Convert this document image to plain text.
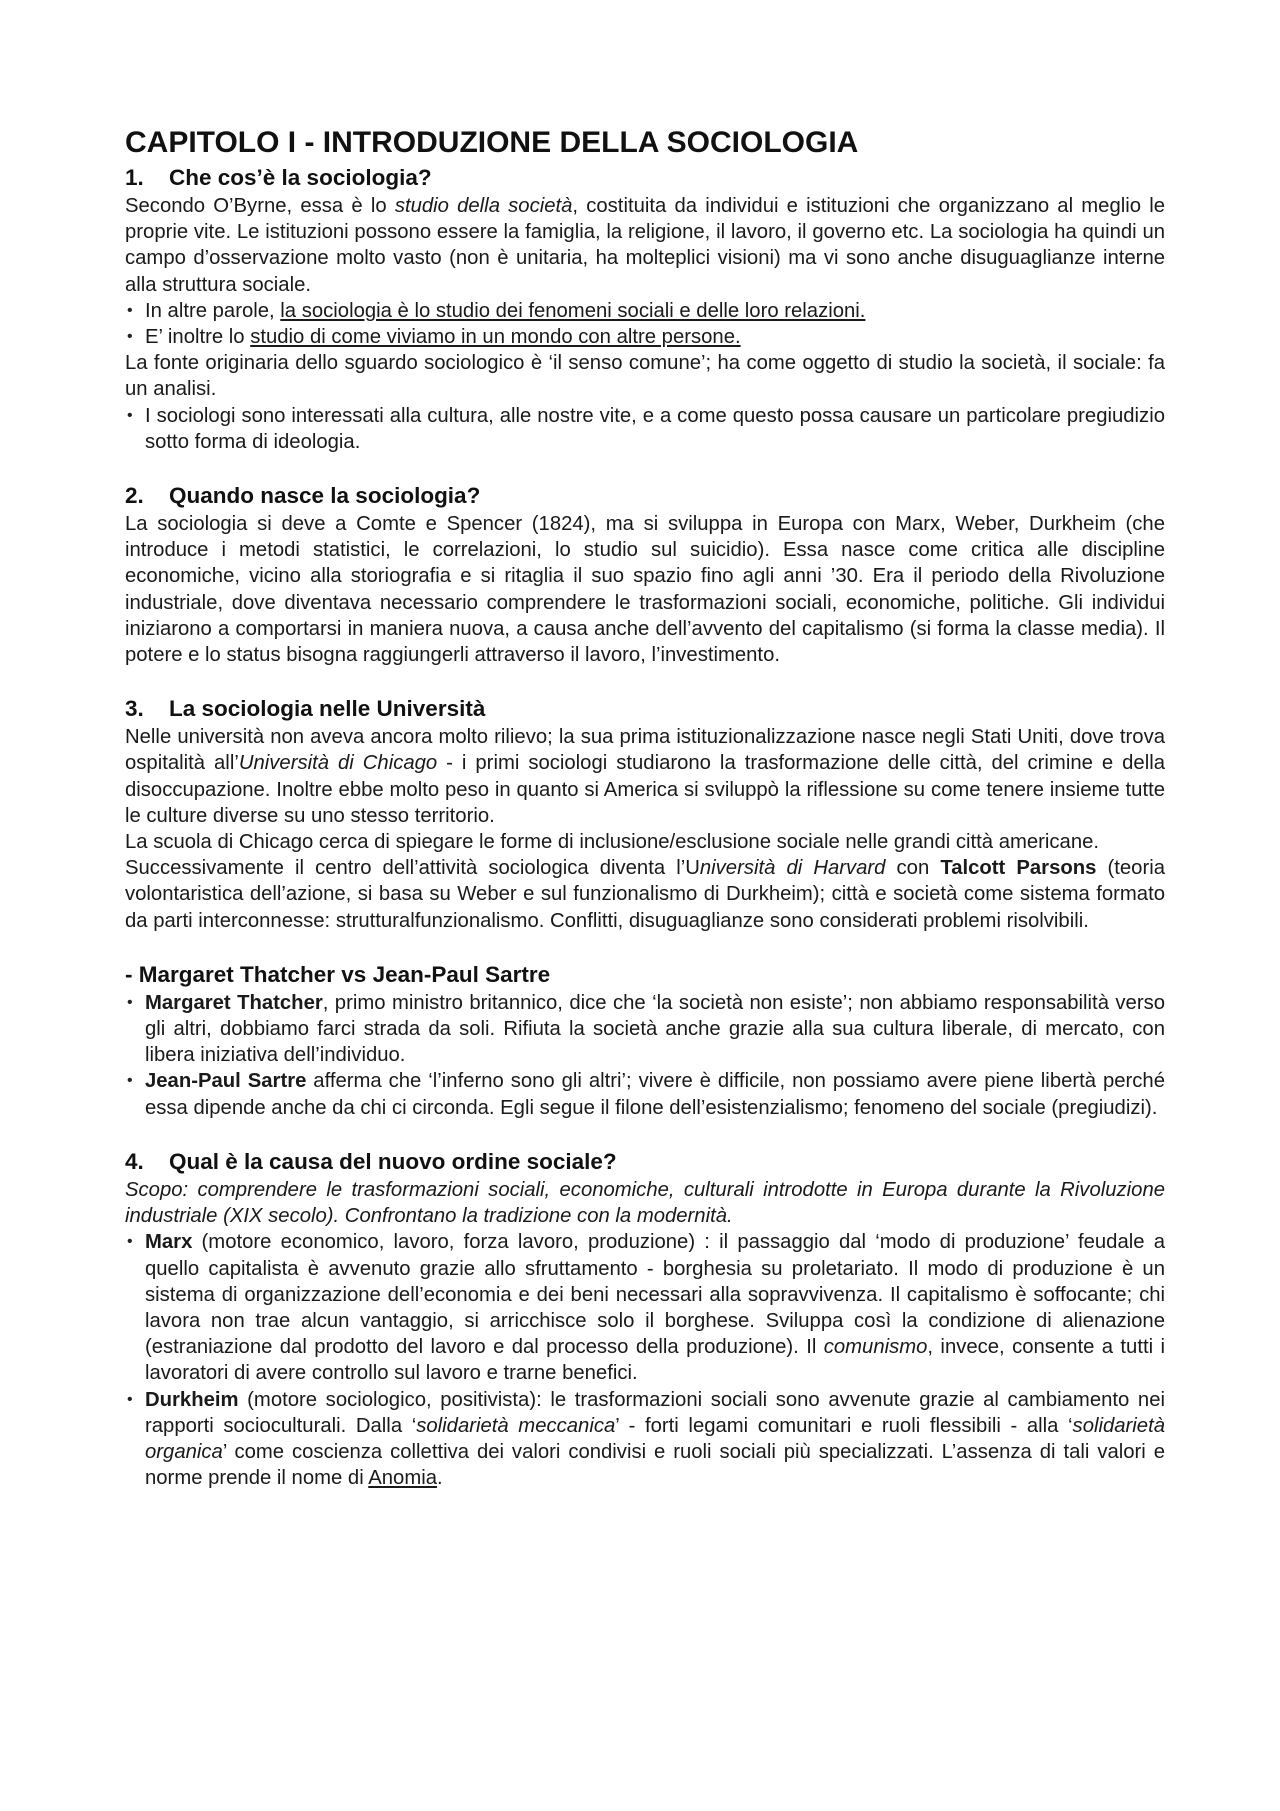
CAPITOLO I - INTRODUZIONE DELLA SOCIOLOGIA
1. Che cos’è la sociologia?

Secondo O’Byrne, essa è lo studio della società, costituita da individui e istituzioni che organizzano al meglio le proprie vite. Le istituzioni possono essere la famiglia, la religione, il lavoro, il governo etc. La sociologia ha quindi un campo d’osservazione molto vasto (non è unitaria, ha molteplici visioni) ma vi sono anche disuguaglianze interne alla struttura sociale.

• In altre parole, la sociologia è lo studio dei fenomeni sociali e delle loro relazioni.
• E’ inoltre lo studio di come viviamo in un mondo con altre persone.

La fonte originaria dello sguardo sociologico è ‘il senso comune’; ha come oggetto di studio la società, il sociale: fa un analisi.

• I sociologi sono interessati alla cultura, alle nostre vite, e a come questo possa causare un particolare pregiudizio sotto forma di ideologia.
2. Quando nasce la sociologia?

La sociologia si deve a Comte e Spencer (1824), ma si sviluppa in Europa con Marx, Weber, Durkheim (che introduce i metodi statistici, le correlazioni, lo studio sul suicidio). Essa nasce come critica alle discipline economiche, vicino alla storiografia e si ritaglia il suo spazio fino agli anni ’30. Era il periodo della Rivoluzione industriale, dove diventava necessario comprendere le trasformazioni sociali, economiche, politiche. Gli individui iniziarono a comportarsi in maniera nuova, a causa anche dell’avvento del capitalismo (si forma la classe media). Il potere e lo status bisogna raggiungerli attraverso il lavoro, l’investimento.

3. La sociologia nelle Università

Nelle università non aveva ancora molto rilievo; la sua prima istituzionalizzazione nasce negli Stati Uniti, dove trova ospitalità all’Università di Chicago - i primi sociologi studiarono la trasformazione delle città, del crimine e della disoccupazione. Inoltre ebbe molto peso in quanto si America si sviluppò la riflessione su come tenere insieme tutte le culture diverse su uno stesso territorio.

La scuola di Chicago cerca di spiegare le forme di inclusione/esclusione sociale nelle grandi città americane.

Successivamente il centro dell’attività sociologica diventa l’Università di Harvard con Talcott Parsons (teoria volontaristica dell’azione, si basa su Weber e sul funzionalismo di Durkheim); città e società come sistema formato da parti interconnesse: strutturalfunzionalismo. Conflitti, disuguaglianze sono considerati problemi risolvibili.

- Margaret Thatcher vs Jean-Paul Sartre
• Margaret Thatcher, primo ministro britannico, dice che ‘la società non esiste’; non abbiamo responsabilità verso gli altri, dobbiamo farci strada da soli. Rifiuta la società anche grazie alla sua cultura liberale, di mercato, con libera iniziativa dell’individuo.
• Jean-Paul Sartre afferma che ‘l’inferno sono gli altri’; vivere è difficile, non possiamo avere piene libertà perché essa dipende anche da chi ci circonda. Egli segue il filone dell’esistenzialismo; fenomeno del sociale (pregiudizi).
4. Qual è la causa del nuovo ordine sociale?

Scopo: comprendere le trasformazioni sociali, economiche, culturali introdotte in Europa durante la Rivoluzione industriale (XIX secolo). Confrontano la tradizione con la modernità.

• Marx (motore economico, lavoro, forza lavoro, produzione) : il passaggio dal ‘modo di produzione’ feudale a quello capitalista è avvenuto grazie allo sfruttamento - borghesia su proletariato. Il modo di produzione è un sistema di organizzazione dell’economia e dei beni necessari alla sopravvivenza. Il capitalismo è soffocante; chi lavora non trae alcun vantaggio, si arricchisce solo il borghese. Sviluppa così la condizione di alienazione (estraniazione dal prodotto del lavoro e dal processo della produzione). Il comunismo, invece, consente a tutti i lavoratori di avere controllo sul lavoro e trarne benefici.
• Durkheim (motore sociologico, positivista): le trasformazioni sociali sono avvenute grazie al cambiamento nei rapporti socioculturali. Dalla ‘solidarietà meccanica’ - forti legami comunitari e ruoli flessibili - alla ‘solidarietà organica’ come coscienza collettiva dei valori condivisi e ruoli sociali più specializzati. L’assenza di tali valori e norme prende il nome di Anomia.
